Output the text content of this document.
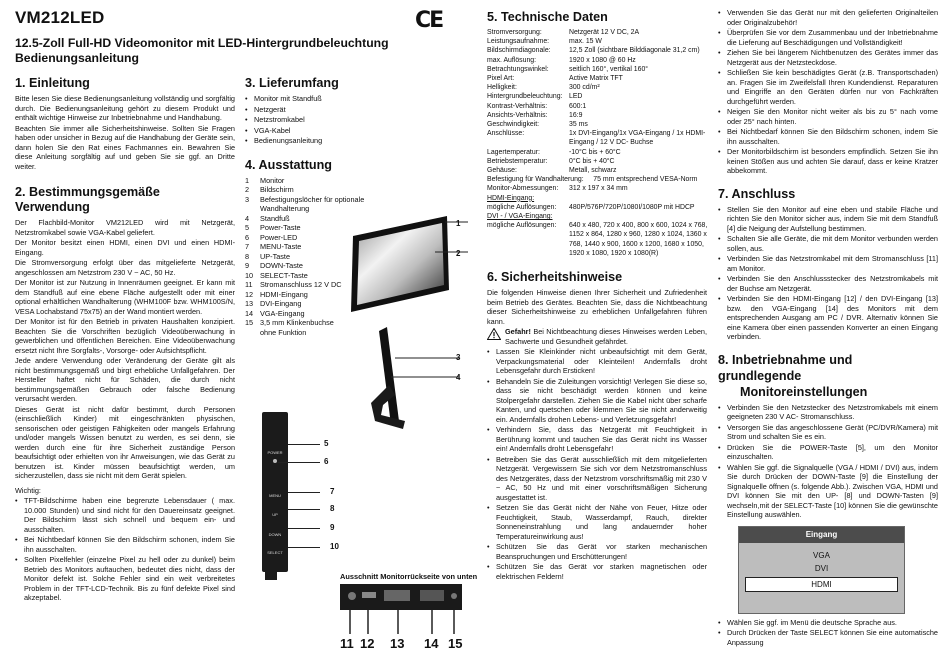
VM212LED
12.5-Zoll Full-HD Videomonitor mit LED-Hintergrundbeleuchtung
Bedienungsanleitung
1. Einleitung

Bitte lesen Sie diese Bedienungsanleitung vollständig und sorgfältig durch. Die Bedienungsanleitung gehört zu diesem Produkt und enthält wichtige Hinweise zur Inbetriebnahme und Handhabung.

Beachten Sie immer alle Sicherheitshinweise. Sollten Sie Fragen haben oder unsicher in Bezug auf die Handhabung der Geräte sein, dann holen Sie den Rat eines Fachmannes ein. Bewahren Sie diese Anleitung sorgfältig auf und geben Sie sie ggf. an Dritte weiter.

2. Bestimmungsgemäße Verwendung

Der Flachbild-Monitor VM212LED wird mit Netzgerät, Netzstromkabel sowie VGA-Kabel geliefert.

Der Monitor besitzt einen HDMI, einen DVI und einen HDMI-Eingang.

Die Stromversorgung erfolgt über das mitgelieferte Netzgerät, angeschlossen am Netzstrom 230 V ~ AC, 50 Hz.

Der Monitor ist zur Nutzung in Innenräumen geeignet. Er kann mit dem Standfuß auf eine ebene Fläche aufgestellt oder mit einer optional erhältlichen Wandhalterung (WHM100F bzw. WHM100S/N, VESA Lochabstand 75x75) an der Wand montiert werden.

Der Monitor ist für den Betrieb in privaten Haushalten konzipiert. Beachten Sie die Vorschriften bezüglich Videoüberwachung in gewerblichen und öffentlichen Bereichen. Eine Videoüberwachung ersetzt nicht Ihre Sorgfalts-, Vorsorge- oder Aufsichtspflicht.

Jede andere Verwendung oder Veränderung der Geräte gilt als nicht bestimmungsgemäß und birgt erhebliche Unfallgefahren. Der Hersteller haftet nicht für Schäden, die durch nicht bestimmungsgemäßen Gebrauch oder falsche Bedienung verursacht werden.

Dieses Gerät ist nicht dafür bestimmt, durch Personen (einschließlich Kinder) mit eingeschränkten physischen, sensorischen oder geistigen Fähigkeiten oder mangels Erfahrung und/oder mangels Wissen benutzt zu werden, es sei denn, sie werden durch eine für ihre Sicherheit zuständige Person beaufsichtigt oder erhielten von ihr Anweisungen, wie das Gerät zu benutzen ist. Kinder müssen beaufsichtigt werden, um sicherzustellen, dass sie nicht mit dem Gerät spielen.

Wichtig:

• TFT-Bildschirme haben eine begrenzte Lebensdauer ( max. 10.000 Stunden) und sind nicht für den Dauereinsatz geeignet. Der Bildschirm lässt sich schnell und bequem ein- und ausschalten.
• Bei Nichtbedarf können Sie den Bildschirm schonen, indem Sie ihn ausschalten.
• Sollten Pixelfehler (einzelne Pixel zu hell oder zu dunkel) beim Betrieb des Monitors auftauchen, bedeutet dies nicht, dass der Monitor defekt ist. Solche Fehler sind ein weit verbreitetes Problem in der TFT-LCD-Technik. Bis zu fünf defekte Pixel sind akzeptabel.
CE
3. Lieferumfang
• Monitor mit Standfuß
• Netzgerät
• Netzstromkabel
• VGA-Kabel
• Bedienungsanleitung
4. Ausstattung
1	Monitor
2	Bildschirm
3	Befestigungslöcher für optionale
Wandhalterung
4	Standfuß
5	Power-Taste
6	Power-LED
7	MENU-Taste
8	UP-Taste
9	DOWN-Taste
10 SELECT-Taste
11	Stromanschluss 12 V DC
12 HDMI-Eingang
13 DVI-Eingang
14 VGA-Eingang
15 3,5 mm Klinkenbuchse
ohne Funktion
1
2
3
4
POWER
MENU
UP
DOWN
SELECT
5
6
7
8
9
10
Ausschnitt Monitorrückseite von unten
11 12 13 14 15
5. Technische Daten
Stromversorgung:	Netzgerät 12 V DC, 2A
Leistungsaufnahme:	max. 15 W
Bildschirmdiagonale:	12,5 Zoll (sichtbare Bilddiagonale 31,2 cm)
max. Auflösung:	1920 x 1080 @ 60 Hz
Betrachtungswinkel:	seitlich 160°, vertikal 160°
Pixel Art:	Active Matrix TFT
Helligkeit:	300 cd/m²
Hintergrundbeleuchtung:	LED
Kontrast-Verhältnis:	600:1
Ansichts-Verhältnis:	16:9
Geschwindigkeit:	35 ms
Anschlüsse:	1x DVI-Eingang/1x VGA-Eingang / 1x HDMI-Eingang / 12 V DC- Buchse
Lagertemperatur:	-10°C bis + 60°C
Betriebstemperatur:	0°C bis + 40°C
Gehäuse:	Metall, schwarz
Befestigung für Wandhalterung: 75 mm entsprechend VESA-Norm
Monitor-Abmessungen:	312 x 197 x 34 mm
HDMI-Eingang:	
mögliche Auflösungen:	480P/576P/720P/1080I/1080P mit HDCP
DVI - / VGA-Eingang:	
mögliche Auflösungen:	640 x 480, 720 x 400, 800 x 600, 1024 x 768, 1152 x 864, 1280 x 960, 1280 x 1024, 1360 x 768, 1440 x 900, 1600 x 1200, 1680 x 1050, 1920 x 1080, 1920 x 1080(R)
6. Sicherheitshinweise

Die folgenden Hinweise dienen Ihrer Sicherheit und Zufriedenheit beim Betrieb des Gerätes. Beachten Sie, dass die Nichtbeachtung dieser Sicherheitshinweise zu erheblichen Unfallgefahren führen kann.

Gefahr! Bei Nichtbeachtung dieses Hinweises werden Leben, Sachwerte und Gesundheit gefährdet.

• Lassen Sie Kleinkinder nicht unbeaufsichtigt mit dem Gerät, Verpackungsmaterial oder Kleinteilen! Andernfalls droht Lebensgefahr durch Ersticken!
• Behandeln Sie die Zuleitungen vorsichtig! Verlegen Sie diese so, dass sie nicht beschädigt werden können und keine Stolpergefahr darstellen. Ziehen Sie die Kabel nicht über scharfe Kanten, und quetschen oder klemmen Sie sie nicht anderweitig ein. Andernfalls drohen Lebens- und Verletzungsgefahr!
• Verhindern Sie, dass das Netzgerät mit Feuchtigkeit in Berührung kommt und tauchen Sie das Gerät nicht ins Wasser ein! Andernfalls droht Lebensgefahr!
• Betreiben Sie das Gerät ausschließlich mit dem mitgelieferten Netzgerät. Vergewissern Sie sich vor dem Netzstromanschluss des Netzgerätes, dass der Netzstrom vorschriftsmäßig mit 230 V ~ AC, 50 Hz und mit einer vorschriftsmäßigen Sicherung ausgestattet ist.
• Setzen Sie das Gerät nicht der Nähe von Feuer, Hitze oder Feuchtigkeit, Staub, Wasserdampf, Rauch, direkter Sonneneinstrahlung und lang andauernder hoher Temperatureinwirkung aus!
• Schützen Sie das Gerät vor starken mechanischen Beanspruchungen und Erschütterungen!
• Schützen Sie das Gerät vor starken magnetischen oder elektrischen Feldern!
• Verwenden Sie das Gerät nur mit den gelieferten Originalteilen oder Originalzubehör!
• Überprüfen Sie vor dem Zusammenbau und der Inbetriebnahme die Lieferung auf Beschädigungen und Vollständigkeit!
• Ziehen Sie bei längerem Nichtbenutzen des Gerätes immer das Netzgerät aus der Netzsteckdose.
• Schließen Sie kein beschädigtes Gerät (z.B. Transportschaden) an. Fragen Sie im Zweifelsfall Ihren Kundendienst. Reparaturen und Eingriffe an den Geräten dürfen nur von Fachkräften durchgeführt werden.
• Neigen Sie den Monitor nicht weiter als bis zu 5° nach vorne oder 25° nach hinten.
• Bei Nichtbedarf können Sie den Bildschirm schonen, indem Sie ihn ausschalten.
• Der Monitorbildschirm ist besonders empfindlich. Setzen Sie ihn keinen Stößen aus und achten Sie darauf, dass er keine Kratzer abbekommt.
7. Anschluss
• Stellen Sie den Monitor auf eine eben und stabile Fläche und richten Sie den Monitor sicher aus, indem Sie mit dem Standfuß [4] die Neigung der Aufstellung bestimmen.
• Schalten Sie alle Geräte, die mit dem Monitor verbunden werden sollen, aus.
• Verbinden Sie das Netzstromkabel mit dem Stromanschluss [11] am Monitor.
• Verbinden Sie den Anschlussstecker des Netzstromkabels mit der Buchse am Netzgerät.
• Verbinden Sie den HDMI-Eingang [12] / den DVI-Eingang [13] bzw. den VGA-Eingang [14] des Monitors mit dem entsprechenden Ausgang am PC / DVR. Alternativ können Sie eine Kamera über einen passenden Konverter an einen Eingang verbinden.
8. Inbetriebnahme und grundlegende
Monitoreinstellungen
• Verbinden Sie den Netzstecker des Netzstromkabels mit einem geeigneten 230 V AC- Stromanschluss.
• Versorgen Sie das angeschlossene Gerät (PC/DVR/Kamera) mit Strom und schalten Sie es ein.
• Drücken Sie die POWER-Taste [5], um den Monitor einzuschalten.
• Wählen Sie ggf. die Signalquelle (VGA / HDMI / DVI) aus, indem Sie durch Drücken der DOWN-Taste [9] die Einstellung der Signalquelle öffnen (s. folgende Abb.). Zwischen VGA, HDMI und DVI können Sie mit den UP- [8] und DOWN-Tasten [9] wechseln,mit der SELECT-Taste [10] können Sie die gewünschte Einstellung auswählen.
Eingang
VGA
DVI
HDMI
• Wählen Sie ggf. im Menü die deutsche Sprache aus.
• Durch Drücken der Taste SELECT können Sie eine automatische Anpassung
